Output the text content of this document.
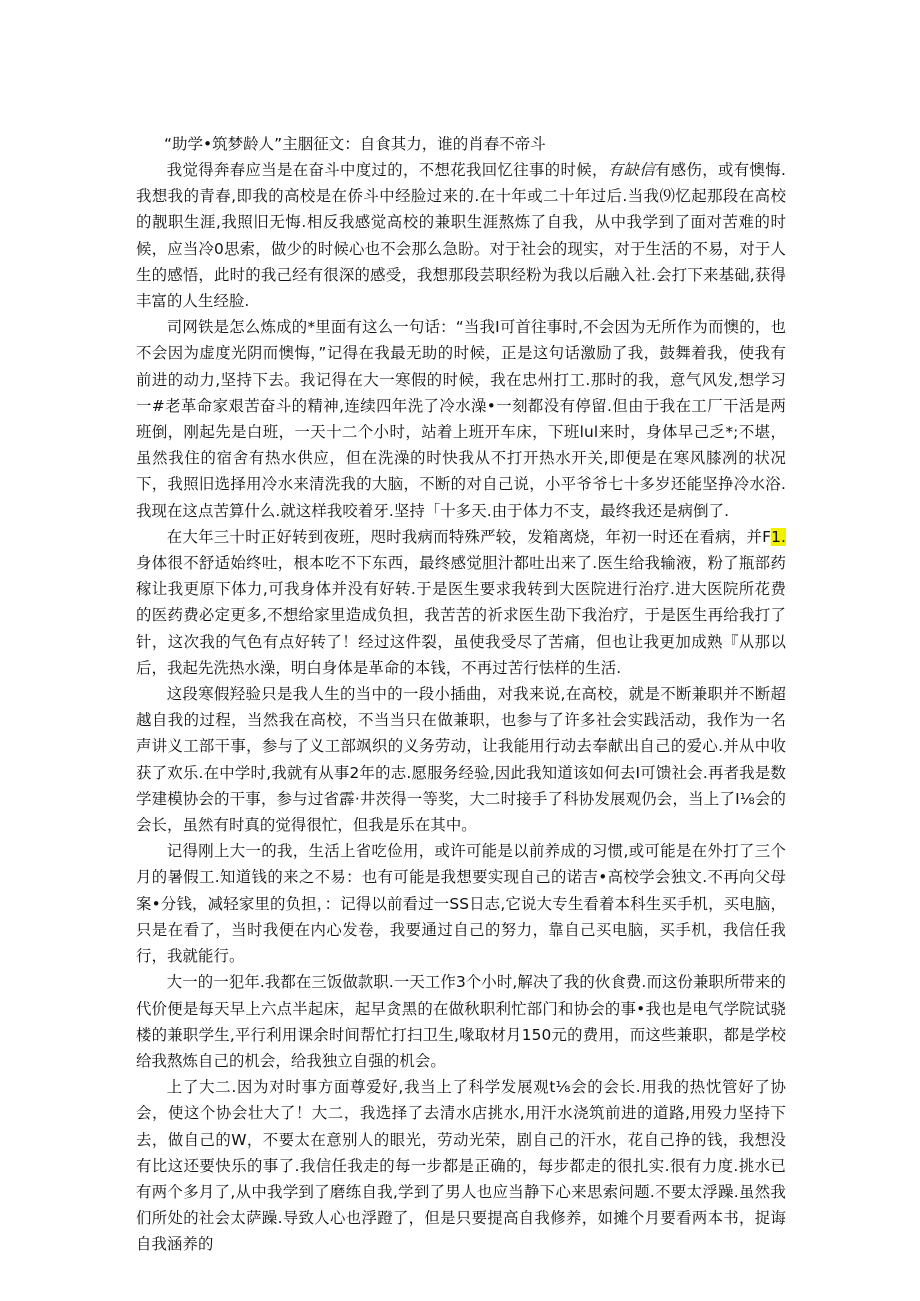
“助学•筑梦龄人”主胭征文：自食其力，谁的肖春不帝斗

我觉得奔春应当是在奋斗中度过的，不想花我回忆往事的时候，有缺信有感伤，或有懊悔.我想我的青春,即我的高校是在侨斗中经脸过来的.在十年或二十年过后.当我⑼忆起那段在高校的靓职生涯,我照旧无悔.相反我感觉高校的兼职生涯熬炼了自我，从中我学到了面对苦难的时候，应当冷0思索，做少的时候心也不会那么急盼。对于社会的现实，对于生活的不易，对于人生的感悟，此时的我己经有很深的感受，我想那段芸职经粉为我以后融入社.会打下来基础,获得丰富的人生经脸.

司网铁是怎么炼成的*里面有这么一句话：“当我I可首往事时,不会因为无所作为而懊的，也不会因为虚度光阴而懊悔，”记得在我最无助的时候，正是这句话激励了我，鼓舞着我，使我有前进的动力,坚持下去。我记得在大一寒假的时候，我在忠州打工.那时的我，意气风发,想学习一#老革命家艰苦奋斗的精神,连续四年洗了冷水澡•一刻都没有停留.但由于我在工厂干活是两班倒，刚起先是白班，一天十二个小时，站着上班开车床，下班lul来时，身体早己乏*;不堪，虽然我住的宿舍有热水供应，但在洗澡的时快我从不打开热水开关,即便是在寒风膝冽的状况下，我照旧选择用冷水来清洗我的大脑，不断的对自己说，小平爷爷七十多岁还能坚挣冷水浴.我现在这点苦算什么.就这样我咬着牙.坚持「十多天.由于体力不支，最终我还是病倒了.

在大年三十时正好转到夜班，咫时我病而特殊严较，发箱离烧，年初一时还在看病，并F1.身体很不舒适始终吐，根本吃不下东西，最终感觉胆汁都吐出来了.医生给我输液，粉了瓶部药稼让我更原下体力,可我身体并没有好转.于是医生要求我转到大医院进行治疗.进大医院所花费的医药费必定更多,不想给家里造成负担，我苦苦的祈求医生劭下我治疗，于是医生再给我打了针，这次我的气色有点好转了！经过这件裂，虽使我受尽了苦痛，但也让我更加成熟『从那以后，我起先洗热水澡，明白身体是革命的本钱，不再过苦行怯样的生活.

这段寒假羟验只是我人生的当中的一段小插曲，对我来说,在高校，就是不断兼职并不断超越自我的过程，当然我在高校，不当当只在做兼职，也参与了许多社会实践活动，我作为一名声讲义工部干事，参与了义工部飒织的义务劳动，让我能用行动去奉献出自己的爱心.并从中收获了欢乐.在中学时,我就有从事2年的志.愿服务经验,因此我知道该如何去I可馈社会.再者我是数学建模协会的干事，参与过省霹·井茨得一等奖，大二时接手了科协发展观仍会，当上了I⅛会的会长，虽然有时真的觉得很忙，但我是乐在其中。

记得刚上大一的我，生活上省吃俭用，或许可能是以前养成的习惯,或可能是在外打了三个月的暑假工.知道钱的来之不易：也有可能是我想要实现自己的诺吉•高校学会独文.不再向父母案•分钱，减轻家里的负担，：记得以前看过一SS日志,它说大专生看着本科生买手机，买电脑，只是在看了，当时我便在内心发卷，我要通过自己的努力，靠自己买电脑，买手机，我信任我行，我就能行。

大一的一犯年.我都在三饭做款职.一天工作3个小时,解决了我的伙食费.而这份兼职所带来的代价便是每天早上六点半起床，起早贪黑的在做秋职利忙部门和协会的事•我也是电气学院试骁楼的兼职学生,平行利用课余时间帮忙打扫卫生,喙取材月150元的费用，而这些兼职，都是学校给我熬炼自己的机会，给我独立自强的机会。

上了大二.因为对时事方面尊爱好,我当上了科学发展观t⅛会的会长.用我的热忱管好了协会，使这个协会壮大了！大二，我选择了去清水店挑水,用汗水浇筑前进的道路,用殁力坚持下去，做自己的W，不要太在意别人的眼光，劳动光荣，剧自己的汗水，花自己挣的钱，我想没有比这还要快乐的事了.我信任我走的每一步都是正确的，每步都走的很扎实.很有力度.挑水已有两个多月了,从中我学到了磨练自我,学到了男人也应当静下心来思索问题.不要太浮躁.虽然我们所处的社会太萨躁.导致人心也浮蹬了，但是只要提高自我修养，如摊个月要看两本书，捉诲自我涵养的
